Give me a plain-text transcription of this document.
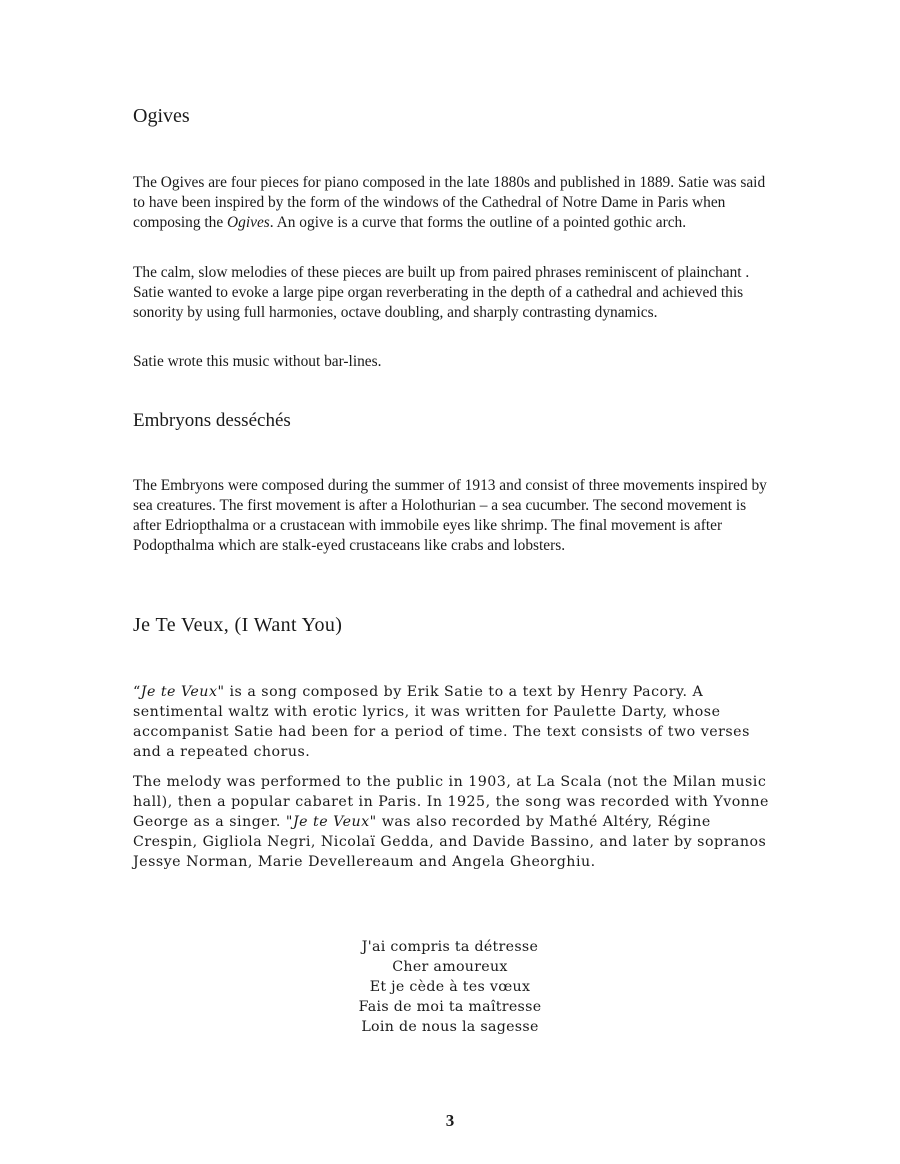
Ogives

The Ogives are four pieces for piano composed in the late 1880s and published in 1889. Satie was said to have been inspired by the form of the windows of the Cathedral of Notre Dame in Paris when composing the Ogives. An ogive is a curve that forms the outline of a pointed gothic arch.

The calm, slow melodies of these pieces are built up from paired phrases reminiscent of plainchant . Satie wanted to evoke a large pipe organ reverberating in the depth of a cathedral and achieved this sonority by using full harmonies, octave doubling, and sharply contrasting dynamics.

Satie wrote this music without bar-lines.

Embryons desséchés

The Embryons were composed during the summer of 1913 and consist of three movements inspired by sea creatures. The first movement is after a Holothurian – a sea cucumber. The second movement is after Edriopthalma or a crustacean with immobile eyes like shrimp. The final movement is after Podopthalma which are stalk-eyed crustaceans like crabs and lobsters.

Je Te Veux, (I Want You)

“Je te Veux" is a song composed by Erik Satie to a text by Henry Pacory. A sentimental waltz with erotic lyrics, it was written for Paulette Darty, whose accompanist Satie had been for a period of time. The text consists of two verses and a repeated chorus.

The melody was performed to the public in 1903, at La Scala (not the Milan music hall), then a popular cabaret in Paris. In 1925, the song was recorded with Yvonne George as a singer. "Je te Veux" was also recorded by Mathé Altéry, Régine Crespin, Gigliola Negri, Nicolaï Gedda, and Davide Bassino, and later by sopranos Jessye Norman, Marie Devellereaum and Angela Gheorghiu.

J'ai compris ta détresse
Cher amoureux
Et je cède à tes vœux
Fais de moi ta maîtresse
Loin de nous la sagesse
3
